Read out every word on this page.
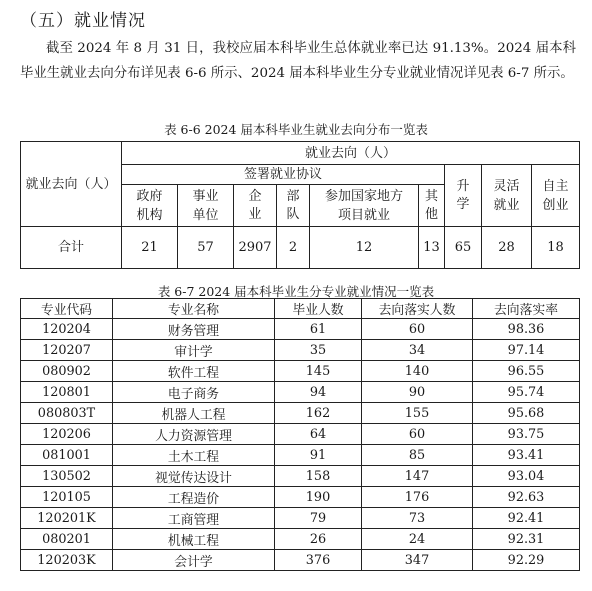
（五）就业情况
截至 2024 年 8 月 31 日，我校应届本科毕业生总体就业率已达 91.13%。2024 届本科毕业生就业去向分布详见表 6-6 所示、2024 届本科毕业生分专业就业情况详见表 6-7 所示。
表 6-6 2024 届本科毕业生就业去向分布一览表
就业去向（人）	就业去向（人）								
	签署就业协议						升学	灵活就业	自主创业

	政府机构	事业单位	企业	部队	参加国家地方项目就业	其他			

合计	21	57	2907	2	12	13	65	28	18
表 6-7 2024 届本科毕业生分专业就业情况一览表
专业代码	专业名称	毕业人数	去向落实人数	去向落实率
120204	财务管理	61	60	98.36
120207	审计学	35	34	97.14
080902	软件工程	145	140	96.55
120801	电子商务	94	90	95.74
080803T	机器人工程	162	155	95.68
120206	人力资源管理	64	60	93.75
081001	土木工程	91	85	93.41
130502	视觉传达设计	158	147	93.04
120105	工程造价	190	176	92.63
120201K	工商管理	79	73	92.41
080201	机械工程	26	24	92.31
120203K	会计学	376	347	92.29
